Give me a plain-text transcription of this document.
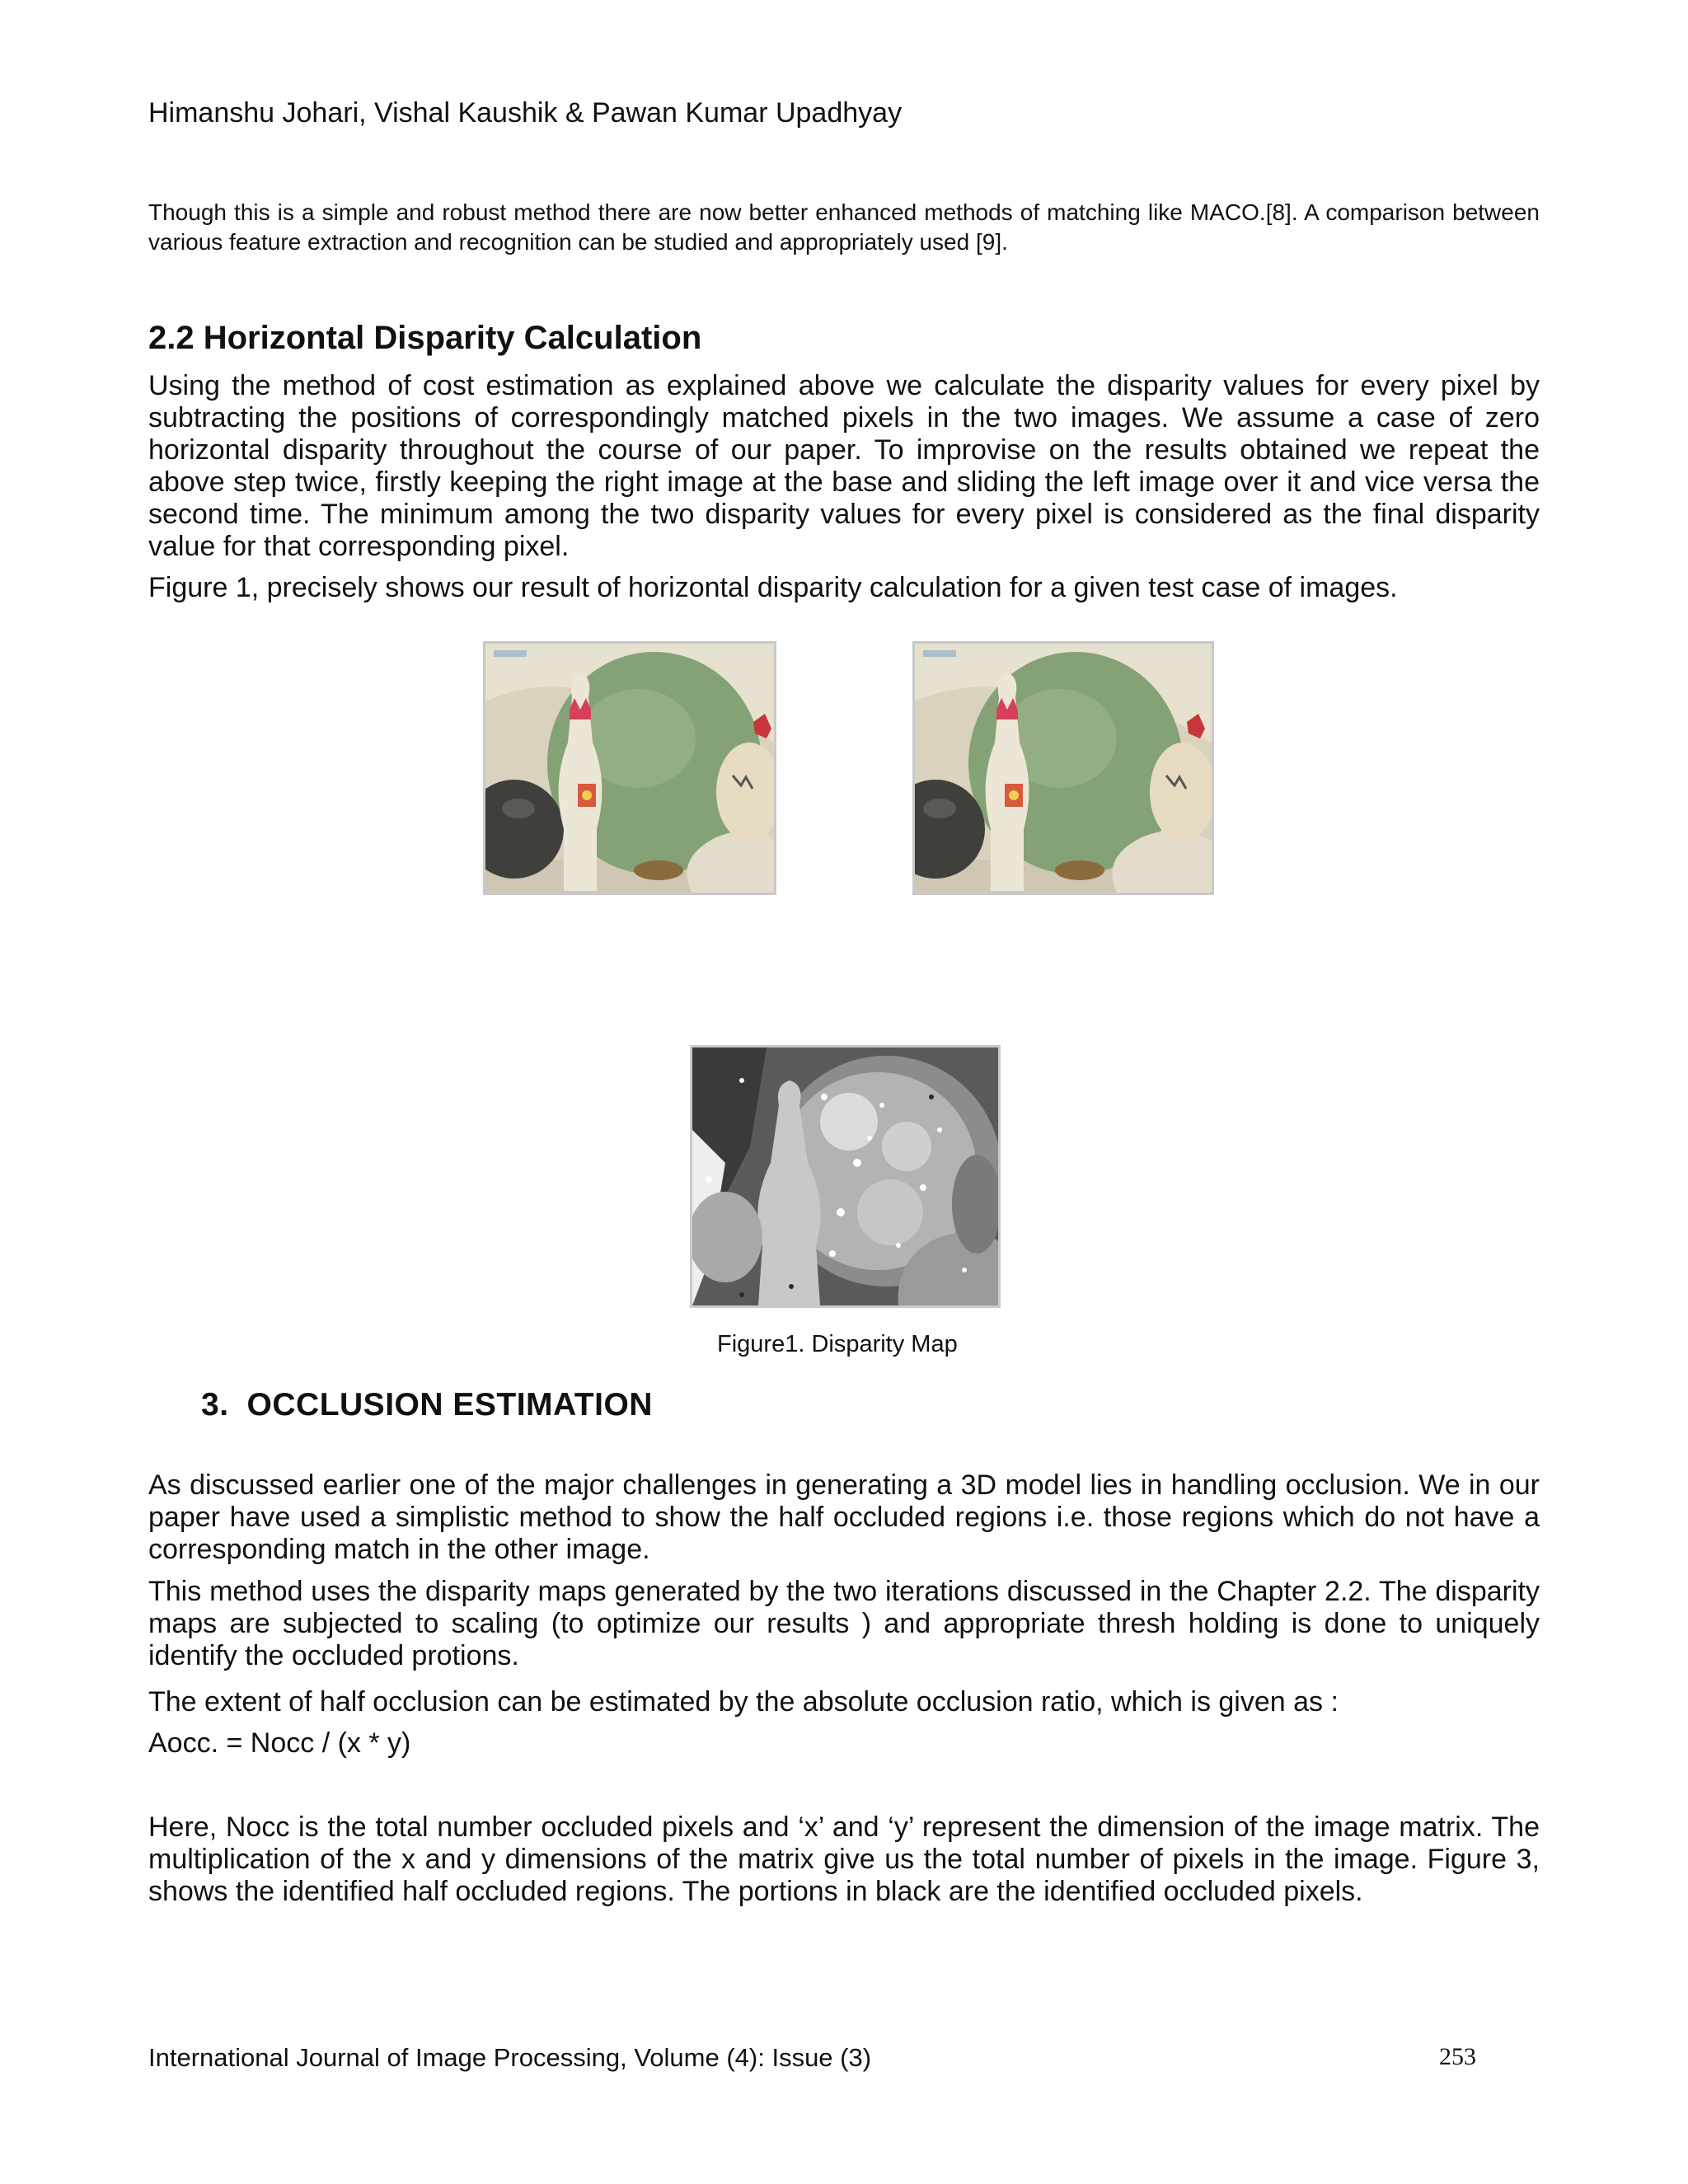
Himanshu Johari, Vishal Kaushik & Pawan Kumar Upadhyay
Though this is a simple and robust method there are now better enhanced methods of matching like MACO.[8]. A comparison between various feature extraction and recognition can be studied and appropriately used [9].
2.2 Horizontal Disparity Calculation
Using the method of cost estimation as explained above we calculate the disparity values for every pixel by subtracting the positions of correspondingly matched pixels in the two images. We assume a case of zero horizontal disparity throughout the course of our paper. To improvise on the results obtained we repeat the above step twice, firstly keeping the right image at the base and sliding the left image over it and vice versa the second time. The minimum among the two disparity values for every pixel is considered as the final disparity value for that corresponding pixel.
Figure 1, precisely shows our result of horizontal disparity calculation for a given test case of images.
Figure1. Disparity Map
3. OCCLUSION ESTIMATION
As discussed earlier one of the major challenges in generating a 3D model lies in handling occlusion. We in our paper have used a simplistic method to show the half occluded regions i.e. those regions which do not have a corresponding match in the other image.
This method uses the disparity maps generated by the two iterations discussed in the Chapter 2.2. The disparity maps are subjected to scaling (to optimize our results ) and appropriate thresh holding is done to uniquely identify the occluded protions.
The extent of half occlusion can be estimated by the absolute occlusion ratio, which is given as :
Aocc. = Nocc / (x * y)
Here, Nocc is the total number occluded pixels and ‘x’ and ‘y’ represent the dimension of the image matrix. The multiplication of the x and y dimensions of the matrix give us the total number of pixels in the image. Figure 3, shows the identified half occluded regions. The portions in black are the identified occluded pixels.
International Journal of Image Processing, Volume (4): Issue (3)	253
